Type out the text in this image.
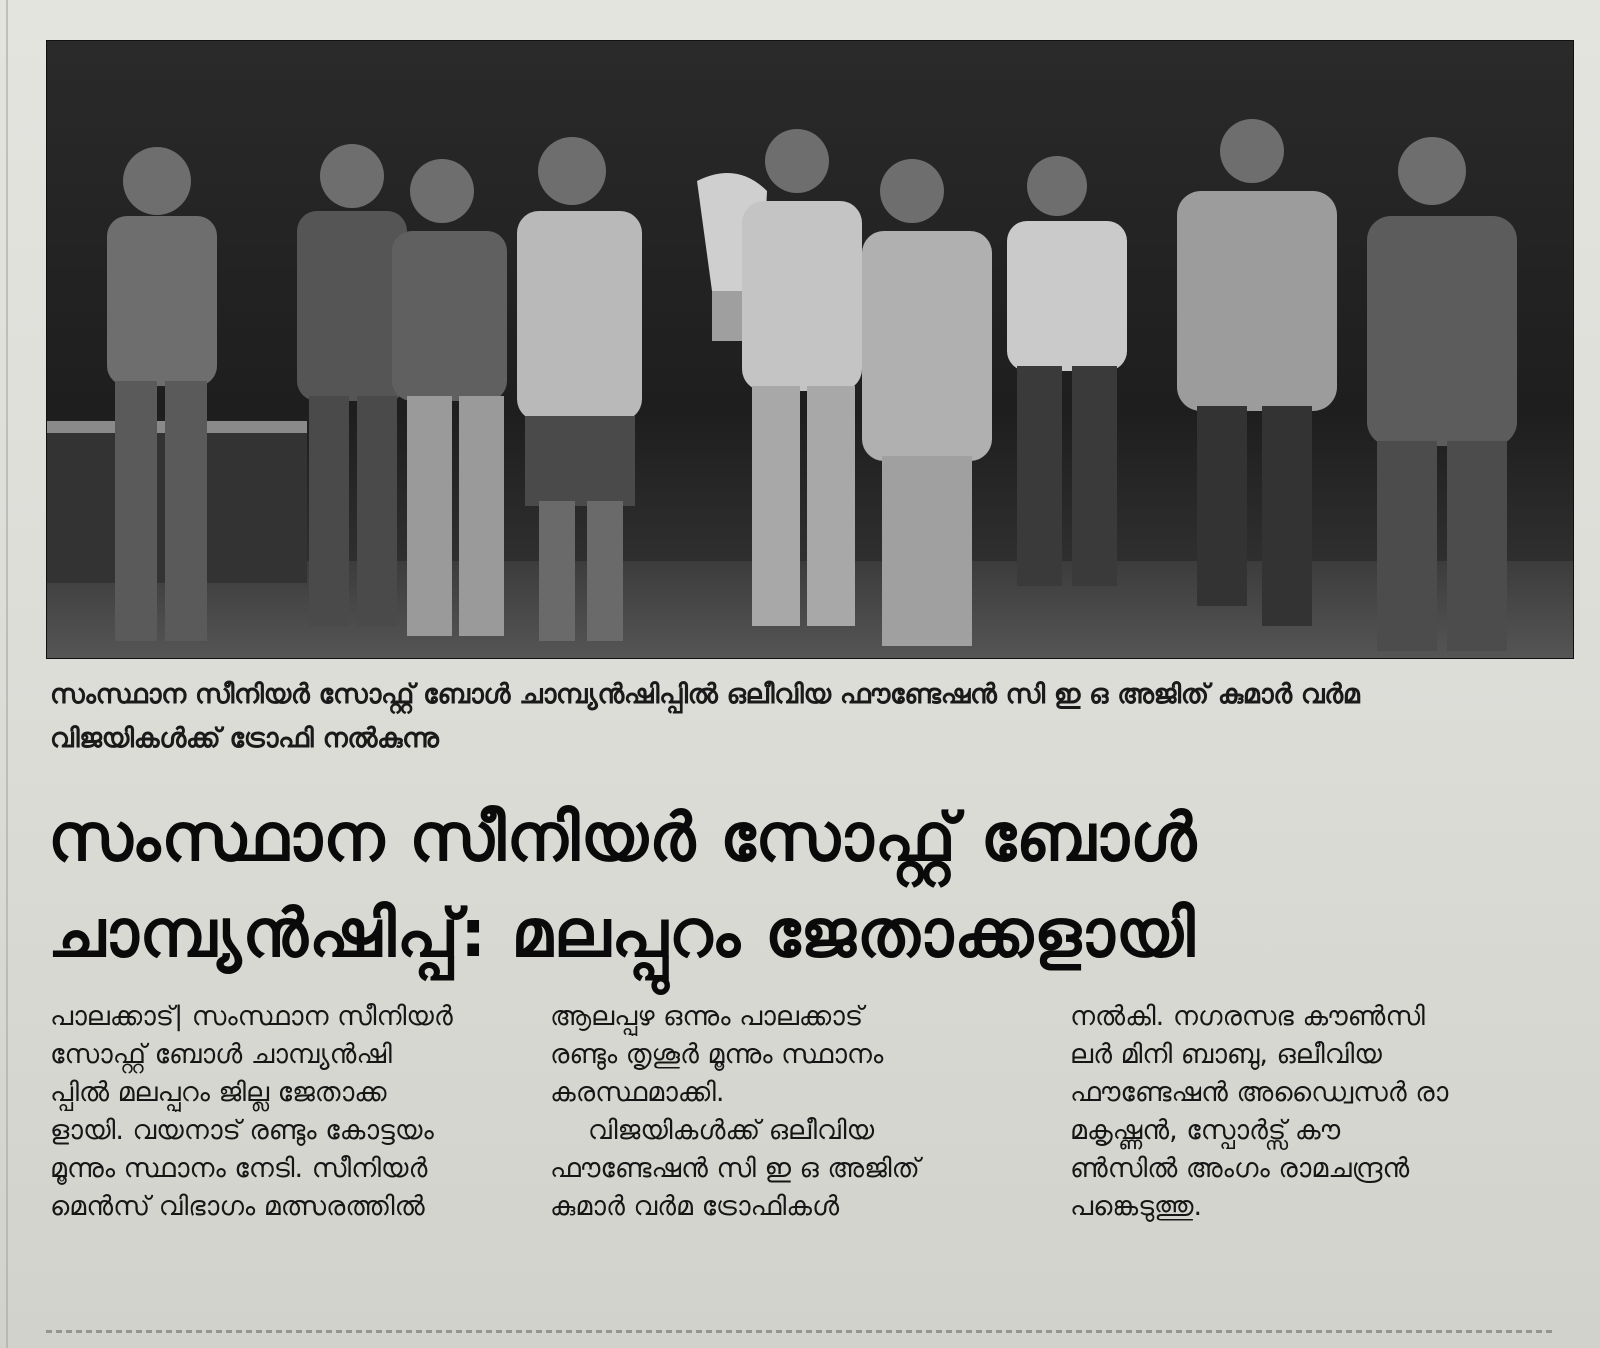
സംസ്ഥാന സീനിയർ സോഫ്റ്റ് ബോൾ ചാമ്പ്യൻഷിപ്പിൽ ഒലീവിയ ഫൗണ്ടേഷൻ സി ഇ ഒ അജിത് കുമാർ വർമ
വിജയികൾക്ക് ട്രോഫി നൽകുന്നു
സംസ്ഥാന സീനിയർ സോഫ്റ്റ് ബോൾ
ചാമ്പ്യൻഷിപ്പ്: മലപ്പുറം ജേതാക്കളായി
പാലക്കാട്| സംസ്ഥാന സീനിയർ
സോഫ്റ്റ് ബോൾ ചാമ്പ്യൻഷി
പ്പിൽ മലപ്പുറം ജില്ല ജേതാക്ക
ളായി. വയനാട് രണ്ടും കോട്ടയം
മൂന്നും സ്ഥാനം നേടി. സീനിയർ
മെൻസ് വിഭാഗം മത്സരത്തിൽ
ആലപ്പുഴ ഒന്നും പാലക്കാട്
രണ്ടും തൃശൂർ മൂന്നും സ്ഥാനം
കരസ്ഥമാക്കി.
വിജയികൾക്ക് ഒലീവിയ
ഫൗണ്ടേഷൻ സി ഇ ഒ അജിത്
കുമാർ വർമ ട്രോഫികൾ
നൽകി. നഗരസഭ കൗൺസി
ലർ മിനി ബാബു, ഒലീവിയ
ഫൗണ്ടേഷൻ അഡ്വൈസർ രാ
മകൃഷ്ണൻ, സ്പോർട്സ് കൗ
ൺസിൽ അംഗം രാമചന്ദ്രൻ
പങ്കെടുത്തു.
